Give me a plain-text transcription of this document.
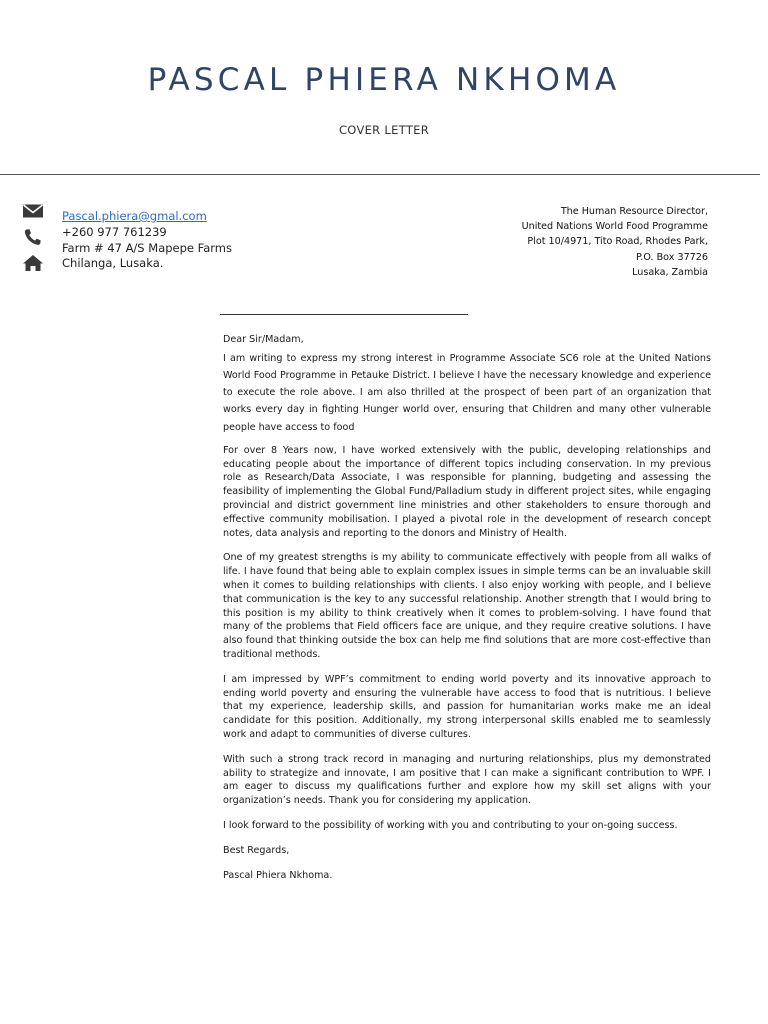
PASCAL PHIERA NKHOMA
COVER LETTER
Pascal.phiera@gmal.com
+260 977 761239
Farm # 47 A/S Mapepe Farms
Chilanga, Lusaka.
The Human Resource Director,
United Nations World Food Programme
Plot 10/4971, Tito Road, Rhodes Park,
P.O. Box 37726
Lusaka, Zambia

Dear Sir/Madam,

I am writing to express my strong interest in Programme Associate SC6 role at the United Nations World Food Programme in Petauke District. I believe I have the necessary knowledge and experience to execute the role above. I am also thrilled at the prospect of been part of an organization that works every day in fighting Hunger world over, ensuring that Children and many other vulnerable people have access to food

For over 8 Years now, I have worked extensively with the public, developing relationships and educating people about the importance of different topics including conservation. In my previous role as Research/Data Associate, I was responsible for planning, budgeting and assessing the feasibility of implementing the Global Fund/Palladium study in different project sites, while engaging provincial and district government line ministries and other stakeholders to ensure thorough and effective community mobilisation. I played a pivotal role in the development of research concept notes, data analysis and reporting to the donors and Ministry of Health.

One of my greatest strengths is my ability to communicate effectively with people from all walks of life. I have found that being able to explain complex issues in simple terms can be an invaluable skill when it comes to building relationships with clients. I also enjoy working with people, and I believe that communication is the key to any successful relationship. Another strength that I would bring to this position is my ability to think creatively when it comes to problem-solving. I have found that many of the problems that Field officers face are unique, and they require creative solutions. I have also found that thinking outside the box can help me find solutions that are more cost-effective than traditional methods.

I am impressed by WPF’s commitment to ending world poverty and its innovative approach to ending world poverty and ensuring the vulnerable have access to food that is nutritious. I believe that my experience, leadership skills, and passion for humanitarian works make me an ideal candidate for this position. Additionally, my strong interpersonal skills enabled me to seamlessly work and adapt to communities of diverse cultures.

With such a strong track record in managing and nurturing relationships, plus my demonstrated ability to strategize and innovate, I am positive that I can make a significant contribution to WPF. I am eager to discuss my qualifications further and explore how my skill set aligns with your organization’s needs. Thank you for considering my application.

I look forward to the possibility of working with you and contributing to your on-going success.

Best Regards,

Pascal Phiera Nkhoma.
